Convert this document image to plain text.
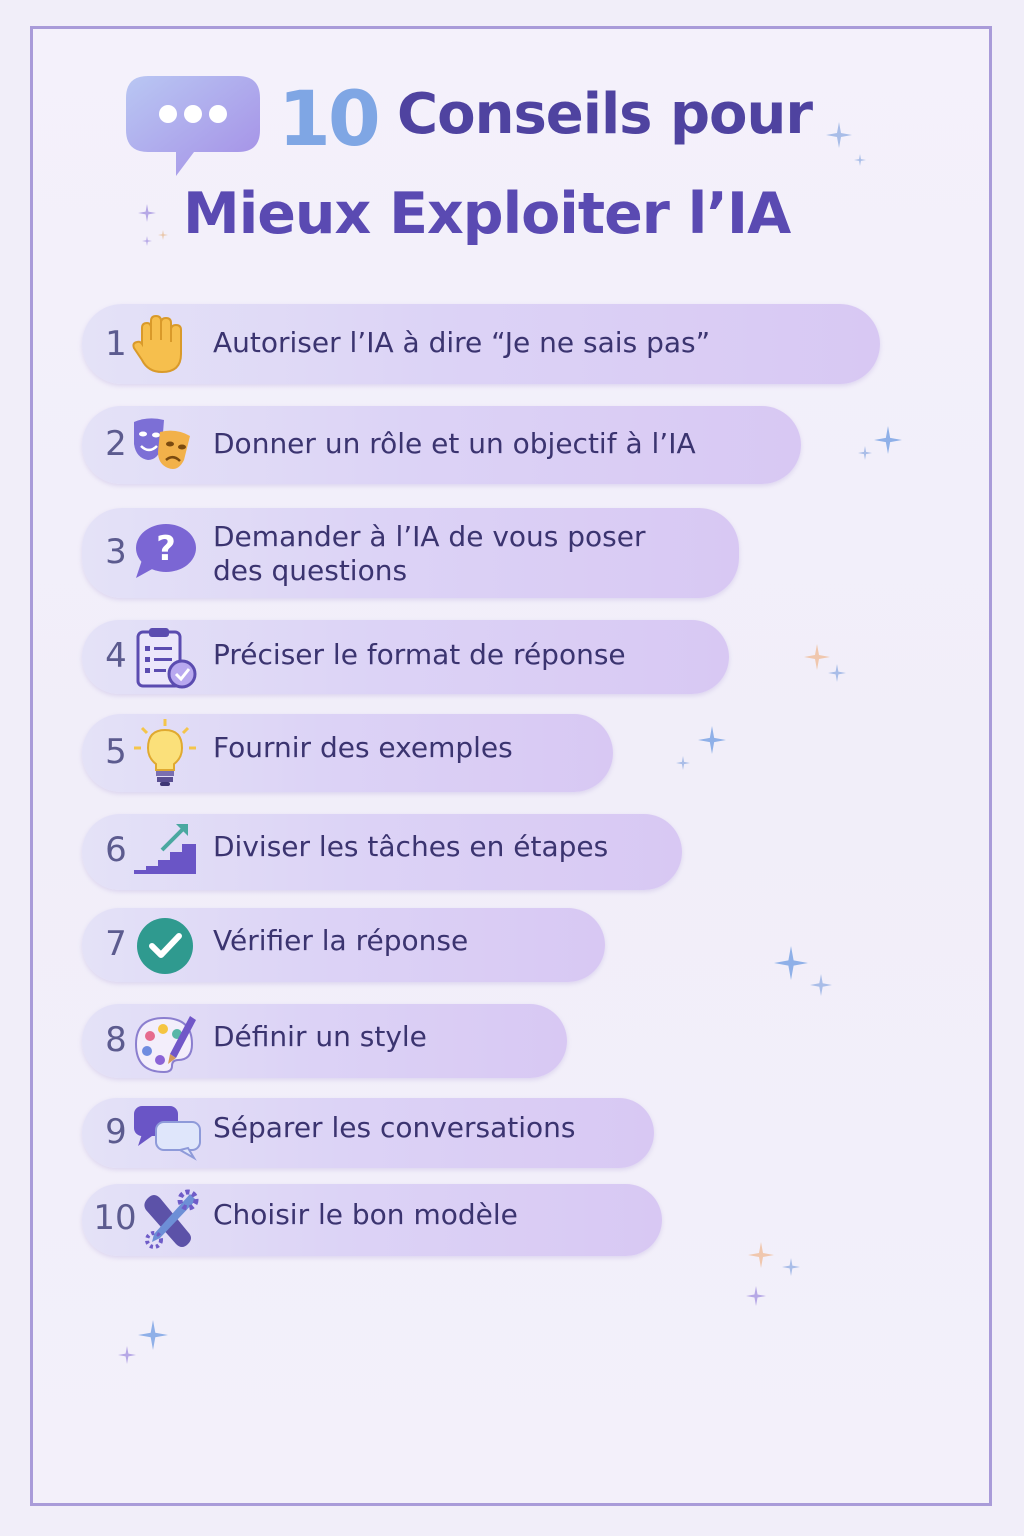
10 Conseils pour
Mieux Exploiter l’IA
1	Autoriser l’IA à dire “Je ne sais pas”
2	Donner un rôle et un objectif à l’IA
3 ? Demander à l’IA de vous poser
des questions
4	Préciser le format de réponse
5	Fournir des exemples
6	Diviser les tâches en étapes
7	Vérifier la réponse
8	Définir un style
9	Séparer les conversations
10	Choisir le bon modèle
